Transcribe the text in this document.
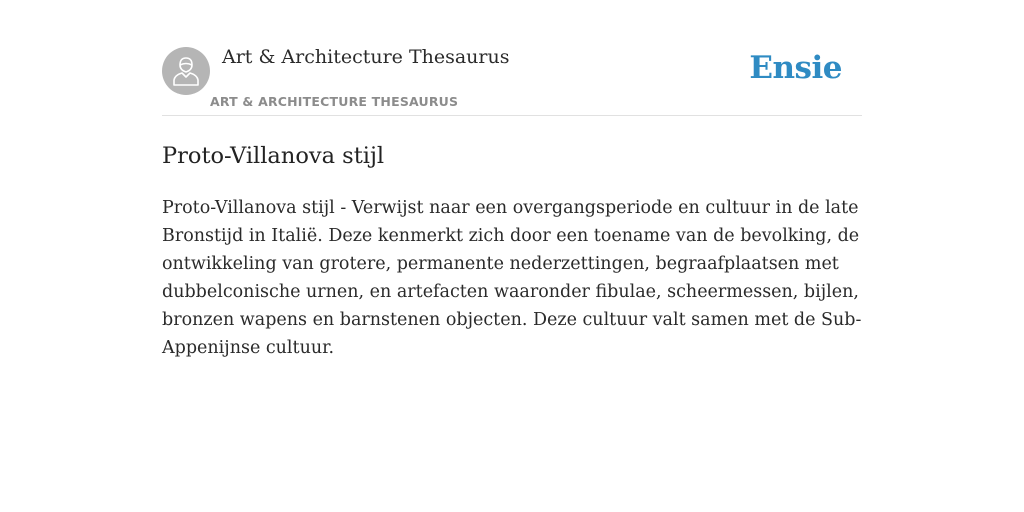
Art & Architecture Thesaurus
ART & ARCHITECTURE THESAURUS
Ensie
Proto-Villanova stijl

Proto-Villanova stijl - Verwijst naar een overgangsperiode en cultuur in de late Bronstijd in Italië. Deze kenmerkt zich door een toename van de bevolking, de ontwikkeling van grotere, permanente nederzettingen, begraafplaatsen met dubbelconische urnen, en artefacten waaronder fibulae, scheermessen, bijlen, bronzen wapens en barnstenen objecten. Deze cultuur valt samen met de Sub-Appenijnse cultuur.
